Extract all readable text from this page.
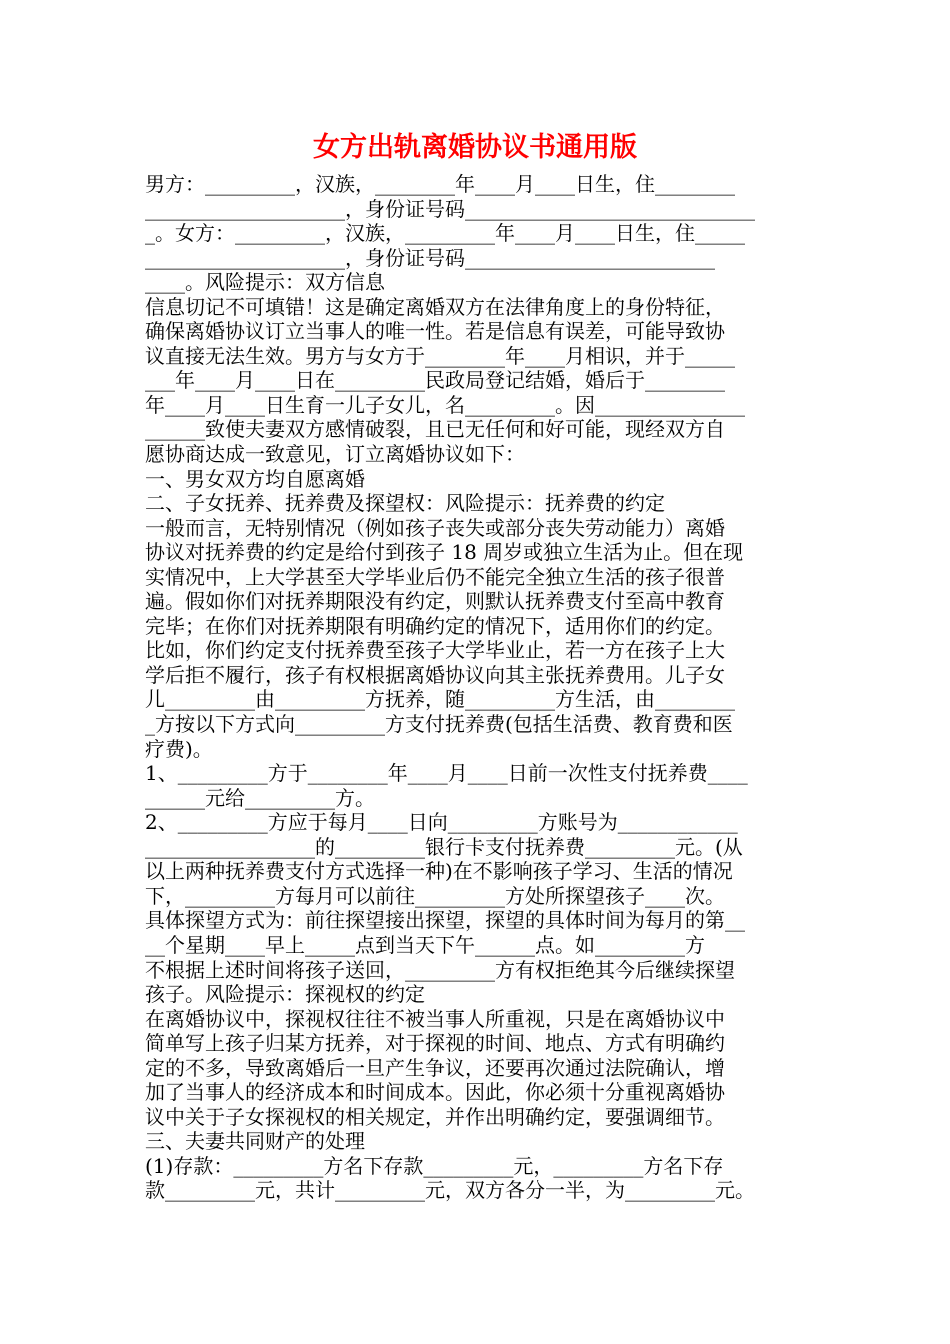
女方出轨离婚协议书通用版
男方：_________，汉族，________年____月____日生，住________
____________________，身份证号码_____________________________
_。女方：_________，汉族，_________年____月____日生，住_____
____________________，身份证号码_________________________
____。风险提示：双方信息
信息切记不可填错！这是确定离婚双方在法律角度上的身份特征，
确保离婚协议订立当事人的唯一性。若是信息有误差，可能导致协
议直接无法生效。男方与女方于________年____月相识，并于_____
___年____月____日在_________民政局登记结婚，婚后于________
年____月____日生育一儿子女儿，名_________。因_______________
______致使夫妻双方感情破裂，且已无任何和好可能，现经双方自
愿协商达成一致意见，订立离婚协议如下：
一、男女双方均自愿离婚
二、子女抚养、抚养费及探望权：风险提示：抚养费的约定
一般而言，无特别情况（例如孩子丧失或部分丧失劳动能力）离婚
协议对抚养费的约定是给付到孩子 18 周岁或独立生活为止。但在现
实情况中，上大学甚至大学毕业后仍不能完全独立生活的孩子很普
遍。假如你们对抚养期限没有约定，则默认抚养费支付至高中教育
完毕；在你们对抚养期限有明确约定的情况下，适用你们的约定。
比如，你们约定支付抚养费至孩子大学毕业止，若一方在孩子上大
学后拒不履行，孩子有权根据离婚协议向其主张抚养费用。儿子女
儿_________由_________方抚养，随_________方生活，由________
_方按以下方式向_________方支付抚养费(包括生活费、教育费和医
疗费)。
1、_________方于________年____月____日前一次性支付抚养费____
______元给_________方。
2、_________方应于每月____日向_________方账号为____________
_________________的_________银行卡支付抚养费_________元。(从
以上两种抚养费支付方式选择一种)在不影响孩子学习、生活的情况
下，_________方每月可以前往_________方处所探望孩子____次。
具体探望方式为：前往探望接出探望，探望的具体时间为每月的第__
__个星期____早上_____点到当天下午______点。如_________方
不根据上述时间将孩子送回，_________方有权拒绝其今后继续探望
孩子。风险提示：探视权的约定
在离婚协议中，探视权往往不被当事人所重视，只是在离婚协议中
简单写上孩子归某方抚养，对于探视的时间、地点、方式有明确约
定的不多，导致离婚后一旦产生争议，还要再次通过法院确认，增
加了当事人的经济成本和时间成本。因此，你必须十分重视离婚协
议中关于子女探视权的相关规定，并作出明确约定，要强调细节。
三、夫妻共同财产的处理
(1)存款：_________方名下存款_________元，_________方名下存
款_________元，共计_________元，双方各分一半，为_________元。
